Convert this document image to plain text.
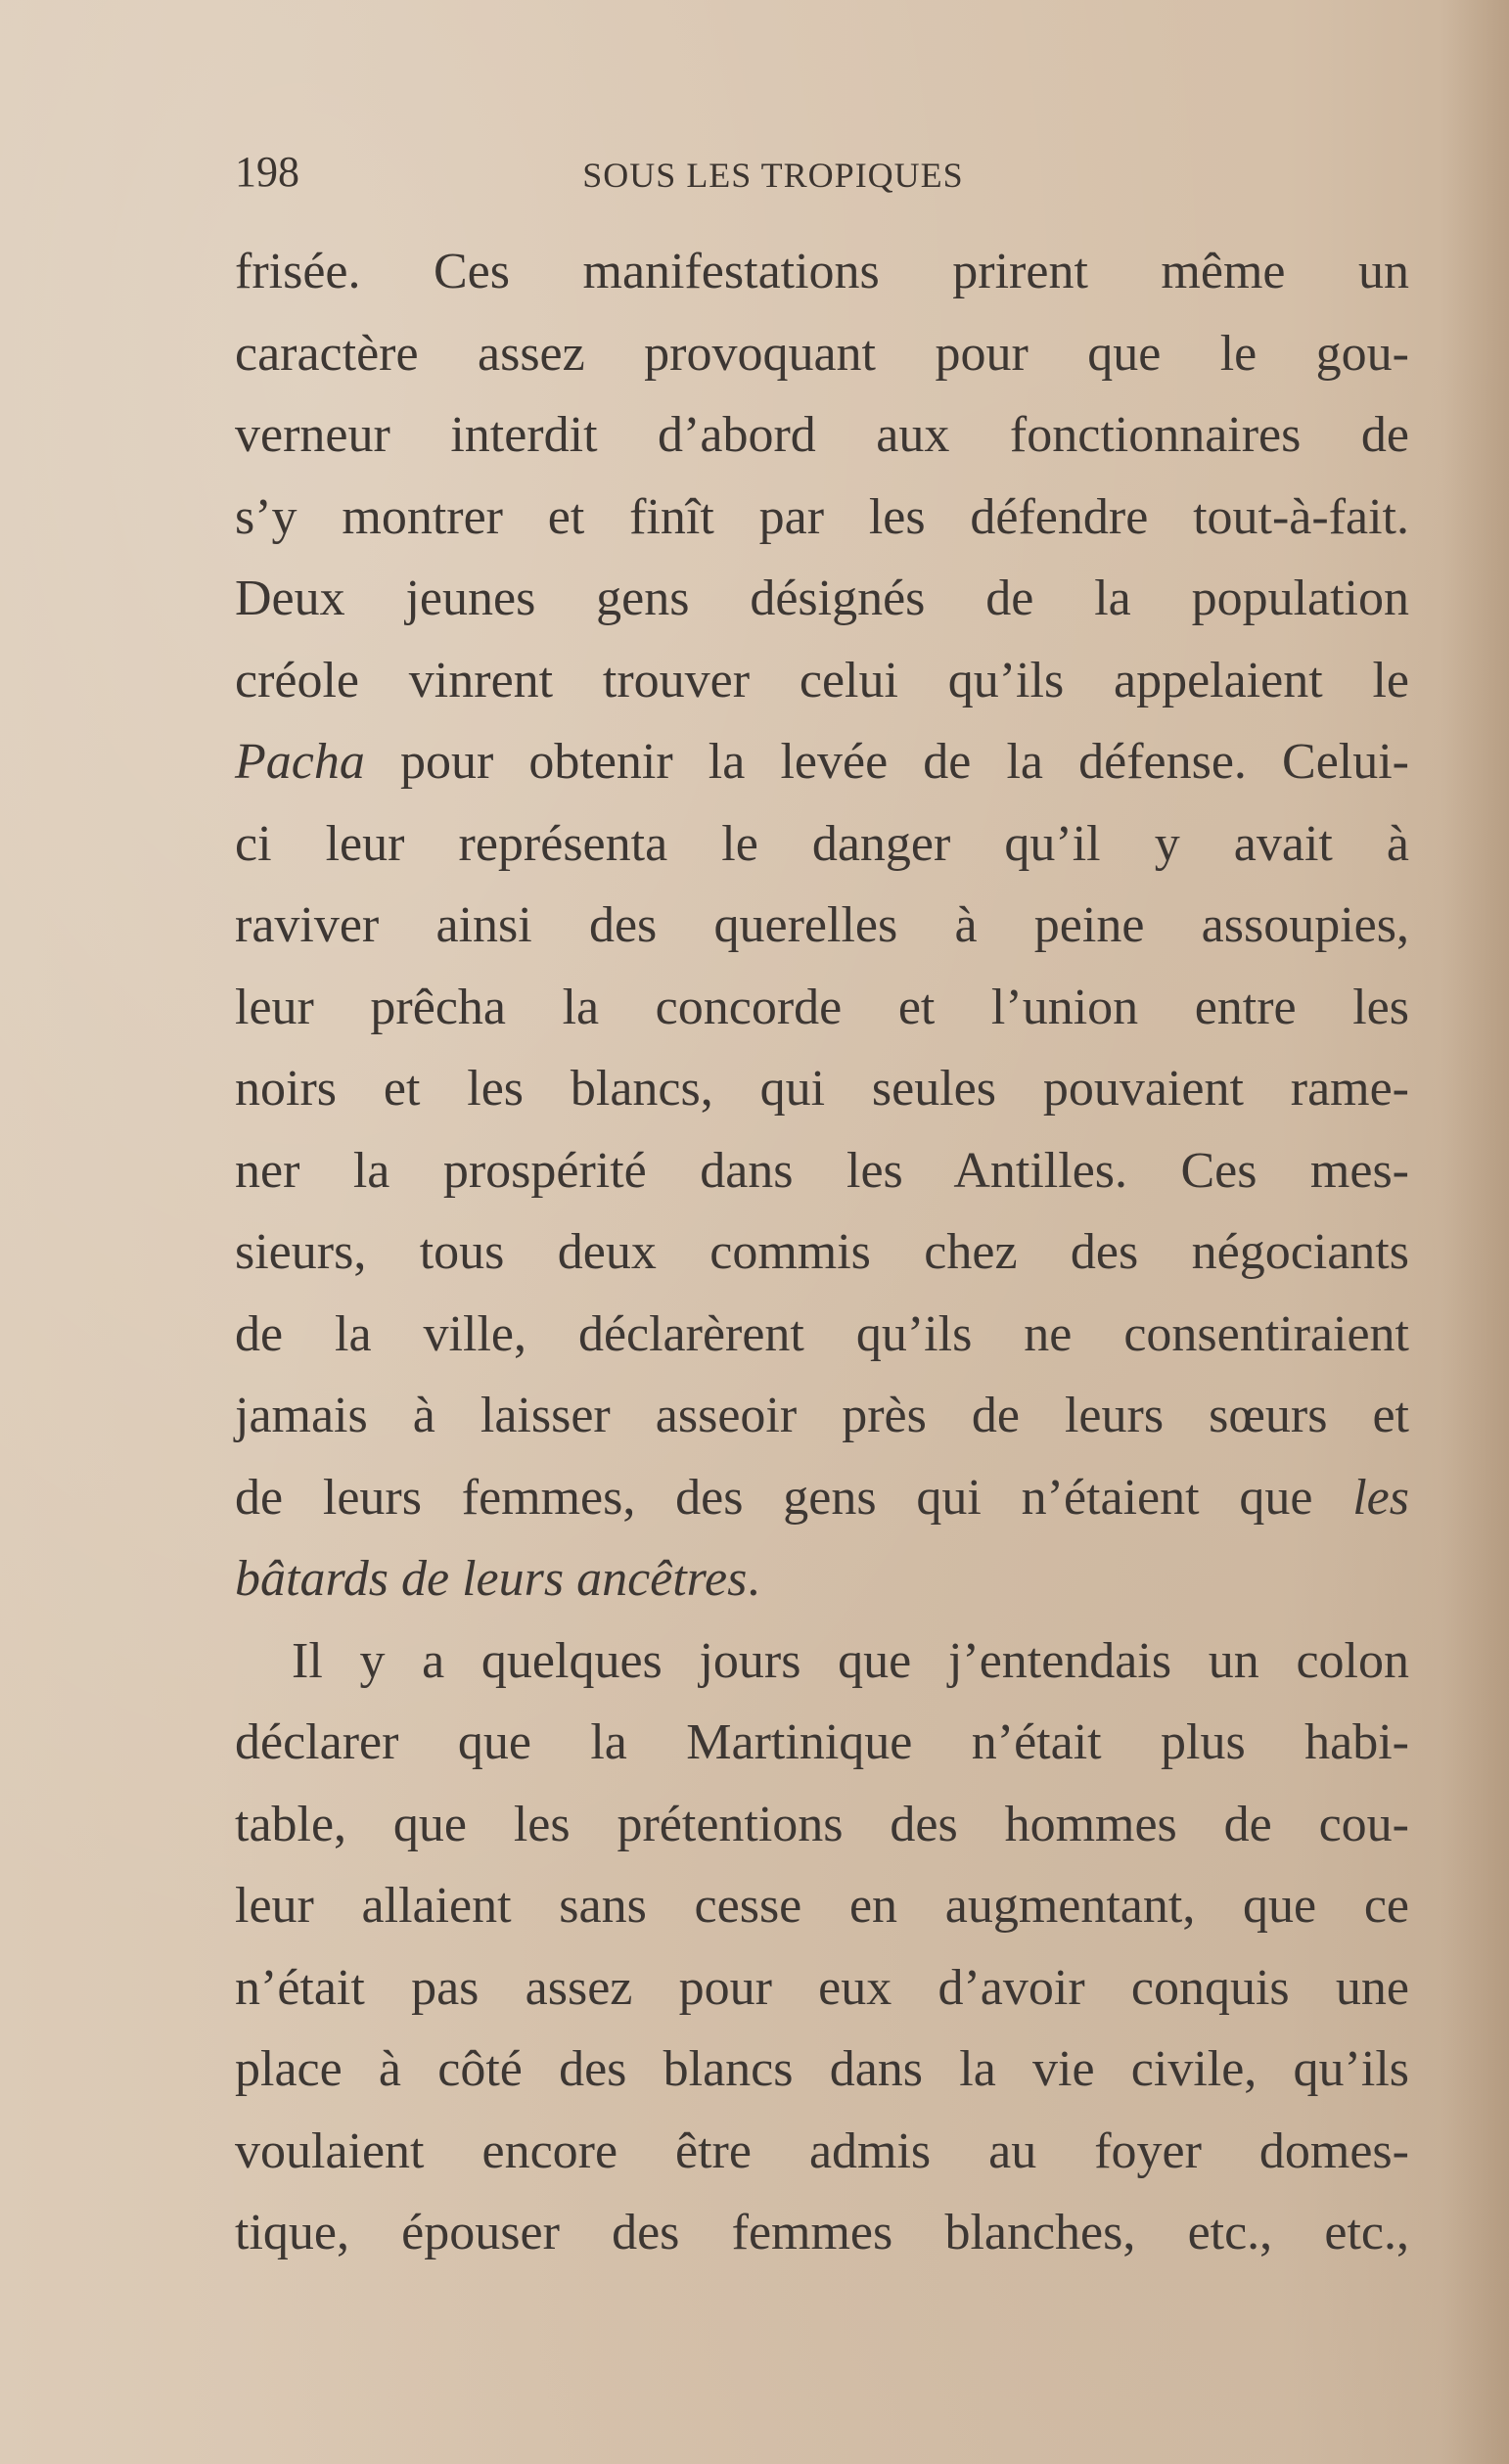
198	SOUS LES TROPIQUES
frisée. Ces manifestations prirent même un
caractère assez provoquant pour que le gou-
verneur interdit d’abord aux fonctionnaires de
s’y montrer et finît par les défendre tout-à-fait.
Deux jeunes gens désignés de la population
créole vinrent trouver celui qu’ils appelaient le
Pacha pour obtenir la levée de la défense. Celui-
ci leur représenta le danger qu’il y avait à
raviver ainsi des querelles à peine assoupies,
leur prêcha la concorde et l’union entre les
noirs et les blancs, qui seules pouvaient rame-
ner la prospérité dans les Antilles. Ces mes-
sieurs, tous deux commis chez des négociants
de la ville, déclarèrent qu’ils ne consentiraient
jamais à laisser asseoir près de leurs sœurs et
de leurs femmes, des gens qui n’étaient que les
bâtards de leurs ancêtres.
Il y a quelques jours que j’entendais un colon
déclarer que la Martinique n’était plus habi-
table, que les prétentions des hommes de cou-
leur allaient sans cesse en augmentant, que ce
n’était pas assez pour eux d’avoir conquis une
place à côté des blancs dans la vie civile, qu’ils
voulaient encore être admis au foyer domes-
tique, épouser des femmes blanches, etc., etc.,
